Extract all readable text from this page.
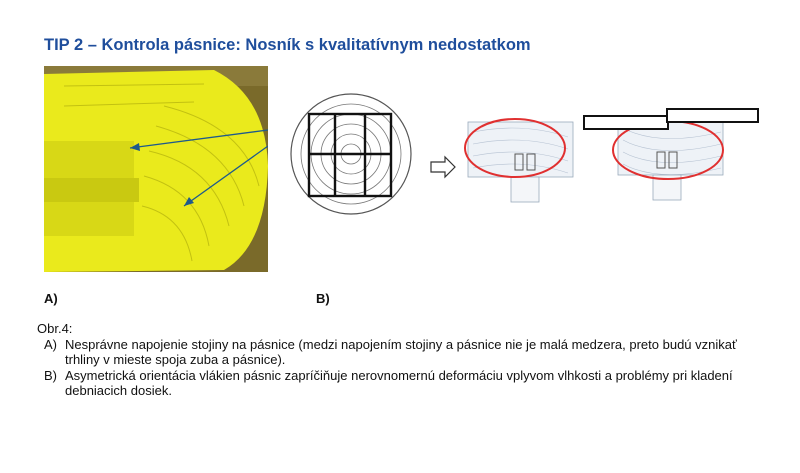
TIP 2 – Kontrola pásnice: Nosník s kvalitatívnym nedostatkom
A)	B)
Obr.4:
A) Nesprávne napojenie stojiny na pásnice (medzi napojením stojiny a pásnice nie je malá medzera, preto budú vznikať trhliny v mieste spoja zuba a pásnice).
B) Asymetrická orientácia vlákien pásnic zapríčiňuje nerovnomernú deformáciu vplyvom vlhkosti a problémy pri kladení debniacich dosiek.
